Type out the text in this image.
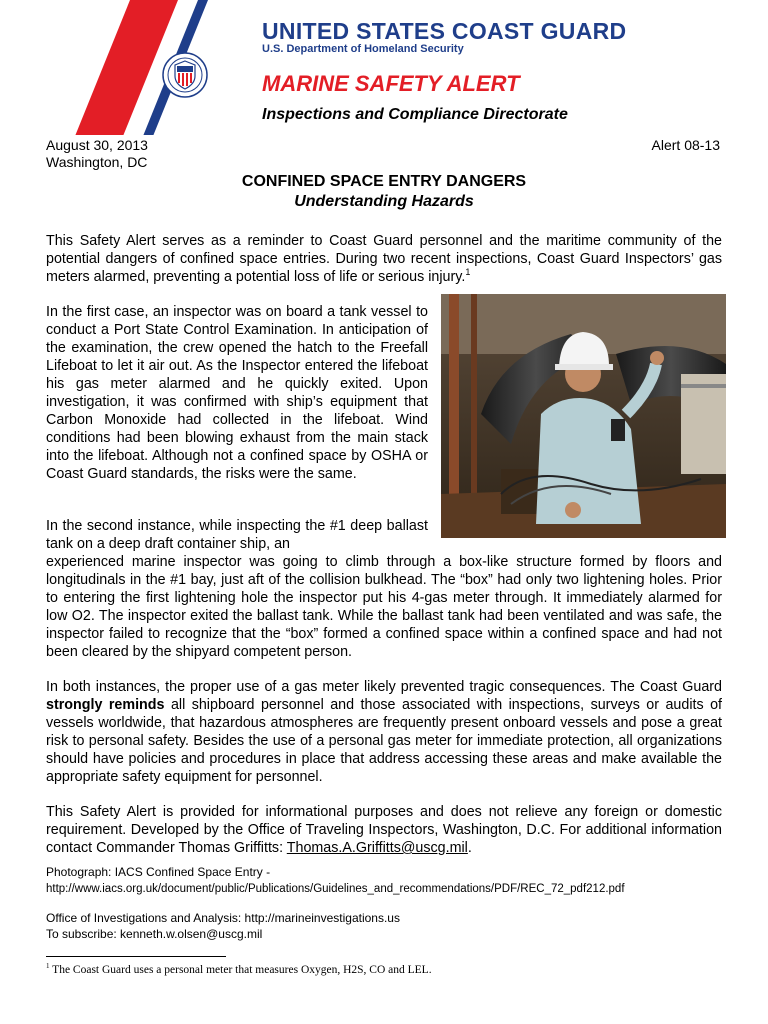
UNITED STATES COAST GUARD
U.S. Department of Homeland Security
MARINE SAFETY ALERT
Inspections and Compliance Directorate
August 30, 2013
Washington, DC
Alert 08-13
CONFINED SPACE ENTRY DANGERS
Understanding Hazards
This Safety Alert serves as a reminder to Coast Guard personnel and the maritime community of the potential dangers of confined space entries. During two recent inspections, Coast Guard Inspectors’ gas meters alarmed, preventing a potential loss of life or serious injury.$^1$
In the first case, an inspector was on board a tank vessel to conduct a Port State Control Examination. In anticipation of the examination, the crew opened the hatch to the Freefall Lifeboat to let it air out. As the Inspector entered the lifeboat his gas meter alarmed and he quickly exited. Upon investigation, it was confirmed with ship’s equipment that Carbon Monoxide had collected in the lifeboat. Wind conditions had been blowing exhaust from the main stack into the lifeboat. Although not a confined space by OSHA or Coast Guard standards, the risks were the same.
In the second instance, while inspecting the #1 deep ballast tank on a deep draft container ship, an
experienced marine inspector was going to climb through a box-like structure formed by floors and longitudinals in the #1 bay, just aft of the collision bulkhead. The “box” had only two lightening holes. Prior to entering the first lightening hole the inspector put his 4-gas meter through. It immediately alarmed for low O2. The inspector exited the ballast tank. While the ballast tank had been ventilated and was safe, the inspector failed to recognize that the “box” formed a confined space within a confined space and had not been cleared by the shipyard competent person.
In both instances, the proper use of a gas meter likely prevented tragic consequences. The Coast Guard strongly reminds all shipboard personnel and those associated with inspections, surveys or audits of vessels worldwide, that hazardous atmospheres are frequently present onboard vessels and pose a great risk to personal safety. Besides the use of a personal gas meter for immediate protection, all organizations should have policies and procedures in place that address accessing these areas and make available the appropriate safety equipment for personnel.
This Safety Alert is provided for informational purposes and does not relieve any foreign or domestic requirement. Developed by the Office of Traveling Inspectors, Washington, D.C. For additional information contact Commander Thomas Griffitts: Thomas.A.Griffitts@uscg.mil.
Photograph: IACS Confined Space Entry -
http://www.iacs.org.uk/document/public/Publications/Guidelines_and_recommendations/PDF/REC_72_pdf212.pdf
Office of Investigations and Analysis: http://marineinvestigations.us
To subscribe: kenneth.w.olsen@uscg.mil
$^1$ The Coast Guard uses a personal meter that measures Oxygen, H2S, CO and LEL.
